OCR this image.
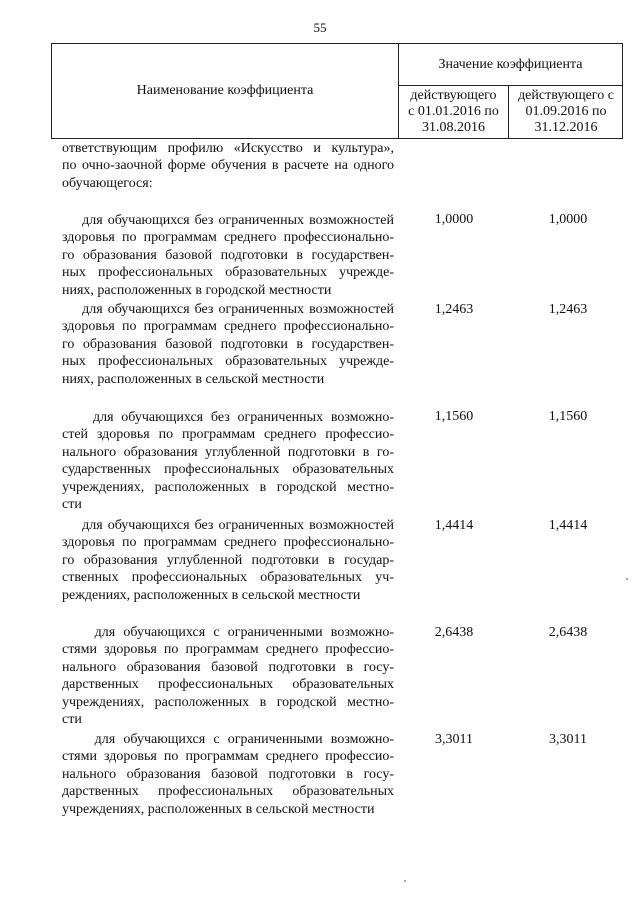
55
Наименование коэффициента
Значение коэффициента
действующего
с 01.01.2016 по
31.08.2016
действующего с
01.09.2016 по
31.12.2016
ответствующим профилю «Искусство и культура»,
по очно-заочной форме обучения в расчете на одного
обучающегося:
для обучающихся без ограниченных возможностей
здоровья по программам среднего профессионально-
го образования базовой подготовки в государствен-
ных профессиональных образовательных учрежде-
ниях, расположенных в городской местности
1,0000	1,0000
для обучающихся без ограниченных возможностей
здоровья по программам среднего профессионально-
го образования базовой подготовки в государствен-
ных профессиональных образовательных учрежде-
ниях, расположенных в сельской местности
1,2463	1,2463
для обучающихся без ограниченных возможно-
стей здоровья по программам среднего профессио-
нального образования углубленной подготовки в го-
сударственных профессиональных образовательных
учреждениях, расположенных в городской местно-
сти
1,1560	1,1560
для обучающихся без ограниченных возможностей
здоровья по программам среднего профессионально-
го образования углубленной подготовки в государ-
ственных профессиональных образовательных уч-
реждениях, расположенных в сельской местности
1,4414	1,4414
для обучающихся с ограниченными возможно-
стями здоровья по программам среднего профессио-
нального образования базовой подготовки в госу-
дарственных профессиональных образовательных
учреждениях, расположенных в городской местно-
сти
2,6438	2,6438
для обучающихся с ограниченными возможно-
стями здоровья по программам среднего профессио-
нального образования базовой подготовки в госу-
дарственных профессиональных образовательных
учреждениях, расположенных в сельской местности
3,3011	3,3011
